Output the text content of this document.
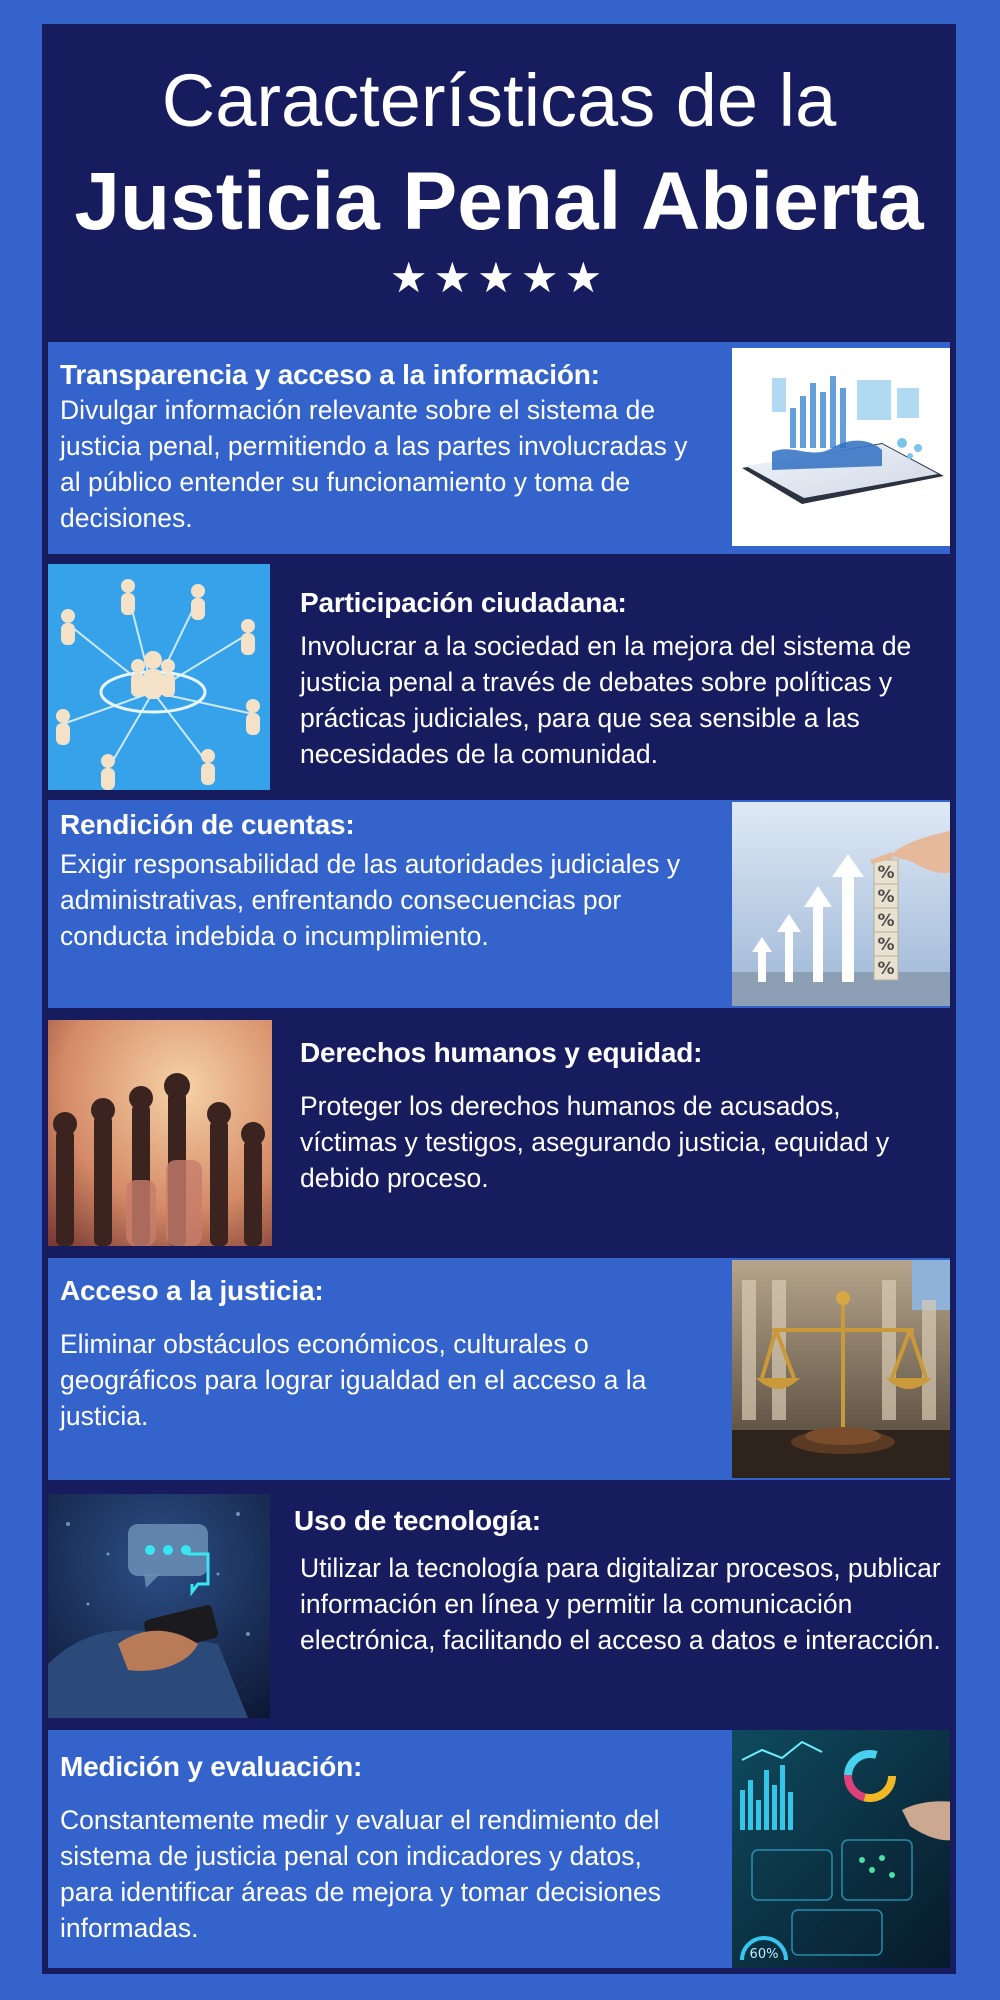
Características de la
Justicia Penal Abierta
★★★★★
Transparencia y acceso a la información:
Divulgar información relevante sobre el sistema de justicia penal, permitiendo a las partes involucradas y al público entender su funcionamiento y toma de decisiones.
Participación ciudadana:
Involucrar a la sociedad en la mejora del sistema de justicia penal a través de debates sobre políticas y prácticas judiciales, para que sea sensible a las necesidades de la comunidad.
Rendición de cuentas:
Exigir responsabilidad de las autoridades judiciales y administrativas, enfrentando consecuencias por conducta indebida o incumplimiento.
%
%
%
%
%
Derechos humanos y equidad:
Proteger los derechos humanos de acusados, víctimas y testigos, asegurando justicia, equidad y debido proceso.
Acceso a la justicia:
Eliminar obstáculos económicos, culturales o geográficos para lograr igualdad en el acceso a la justicia.
Uso de tecnología:
Utilizar la tecnología para digitalizar procesos, publicar información en línea y permitir la comunicación electrónica, facilitando el acceso a datos e interacción.
Medición y evaluación:
Constantemente medir y evaluar el rendimiento del sistema de justicia penal con indicadores y datos, para identificar áreas de mejora y tomar decisiones informadas.
60%
